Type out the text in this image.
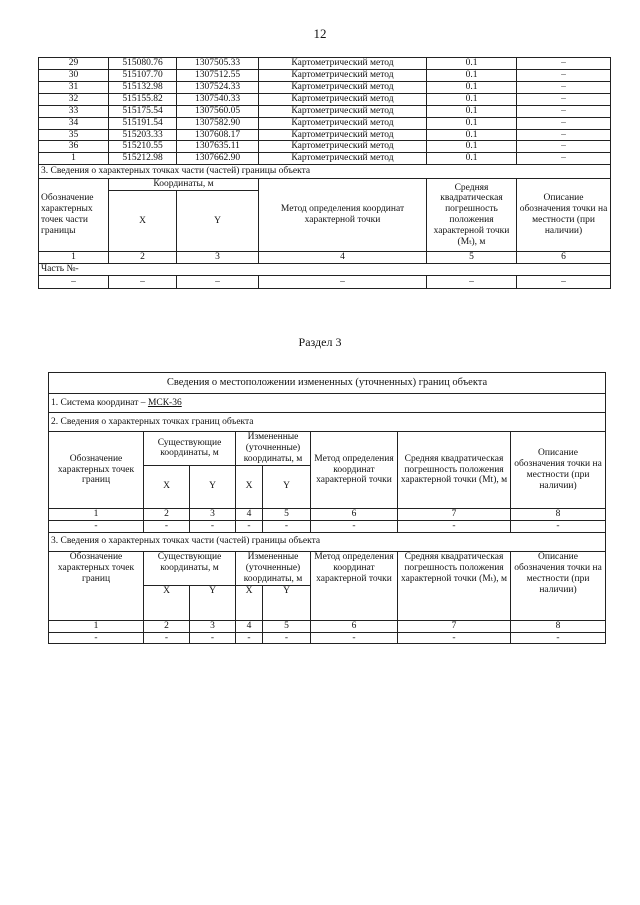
12
29	515080.76	1307505.33	Картометрический метод	0.1	–
30	515107.70	1307512.55	Картометрический метод	0.1	–
31	515132.98	1307524.33	Картометрический метод	0.1	–
32	515155.82	1307540.33	Картометрический метод	0.1	–
33	515175.54	1307560.05	Картометрический метод	0.1	–
34	515191.54	1307582.90	Картометрический метод	0.1	–
35	515203.33	1307608.17	Картометрический метод	0.1	–
36	515210.55	1307635.11	Картометрический метод	0.1	–
1	515212.98	1307662.90	Картометрический метод	0.1	–
3. Сведения о характерных точках части (частей) границы объекта					
Обозначение характерных точек части границы	Координаты, м		Метод определения координат характерной точки	Средняя квадратическая погрешность положения характерной точки (Mₜ), м	Описание обозначения точки на местности (при наличии)
	X	Y			
1	2	3	4	5	6
Часть №-					
–	–	–	–	–	–
Раздел 3
Сведения о местоположении измененных (уточненных) границ объекта							
1. Система координат – МСК-36							
2. Сведения о характерных точках границ объекта							
Обозначение характерных точек границ	Существующие координаты, м		Измененные (уточненные) координаты, м		Метод определения координат характерной точки	Средняя квадратическая погрешность положения характерной точки (Mt), м	Описание обозначения точки на местности (при наличии)
	X	Y	X	Y			
1	2	3	4	5	6	7	8
-	-	-	-	-	-	-	-
3. Сведения о характерных точках части (частей) границы объекта							
Обозначение характерных точек границ	Существующие координаты, м		Измененные (уточненные) координаты, м		Метод определения координат характерной точки	Средняя квадратическая погрешность положения характерной точки (Mₜ), м	Описание обозначения точки на местности (при наличии)
	X	Y	X	Y			
1	2	3	4	5	6	7	8
-	-	-	-	-	-	-	-
